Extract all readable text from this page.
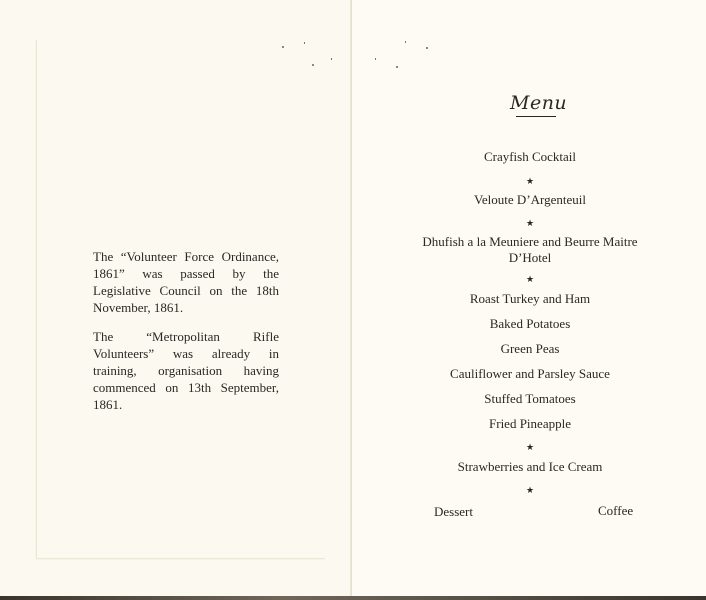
The “Volunteer Force Ordinance, 1861” was passed by the Legislative Council on the 18th November, 1861.

The “Metropolitan Rifle Volunteers” was already in training, organisation having commenced on 13th September, 1861.

Menu
Crayfish Cocktail
★
Veloute D’Argenteuil
★
Dhufish a la Meuniere and Beurre Maitre D’Hotel
★
Roast Turkey and Ham
Baked Potatoes
Green Peas
Cauliflower and Parsley Sauce
Stuffed Tomatoes
Fried Pineapple
★
Strawberries and Ice Cream
★
Dessert	Coffee
